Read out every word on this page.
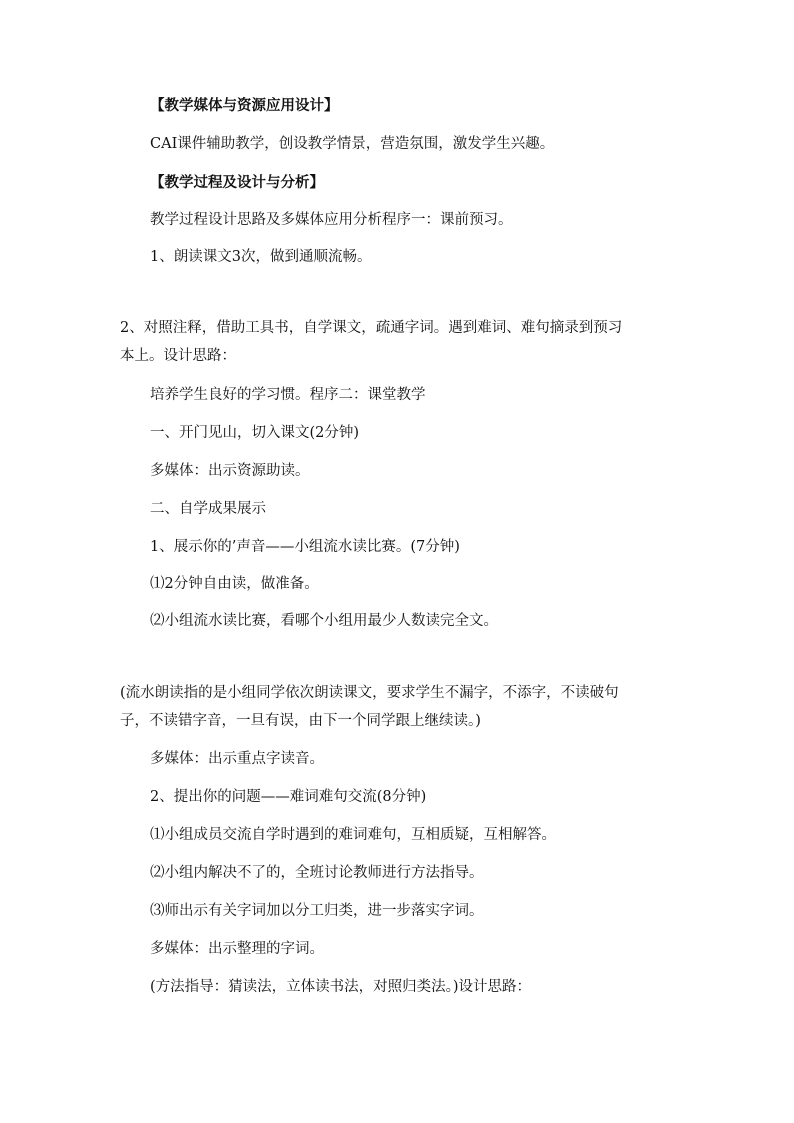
【教学媒体与资源应用设计】
CAI课件辅助教学，创设教学情景，营造氛围，激发学生兴趣。
【教学过程及设计与分析】
教学过程设计思路及多媒体应用分析程序一：课前预习。
1、朗读课文3次，做到通顺流畅。
2、对照注释，借助工具书，自学课文，疏通字词。遇到难词、难句摘录到预习
本上。设计思路：
培养学生良好的学习惯。程序二：课堂教学
一、开门见山，切入课文(2分钟)
多媒体：出示资源助读。
二、自学成果展示
1、展示你的’声音——小组流水读比赛。(7分钟)
⑴2分钟自由读，做准备。
⑵小组流水读比赛，看哪个小组用最少人数读完全文。
(流水朗读指的是小组同学依次朗读课文，要求学生不漏字，不添字，不读破句
子，不读错字音，一旦有误，由下一个同学跟上继续读。)
多媒体：出示重点字读音。
2、提出你的问题——难词难句交流(8分钟)
⑴小组成员交流自学时遇到的难词难句，互相质疑，互相解答。
⑵小组内解决不了的，全班讨论教师进行方法指导。
⑶师出示有关字词加以分工归类，进一步落实字词。
多媒体：出示整理的字词。
(方法指导：猜读法，立体读书法，对照归类法。)设计思路：
